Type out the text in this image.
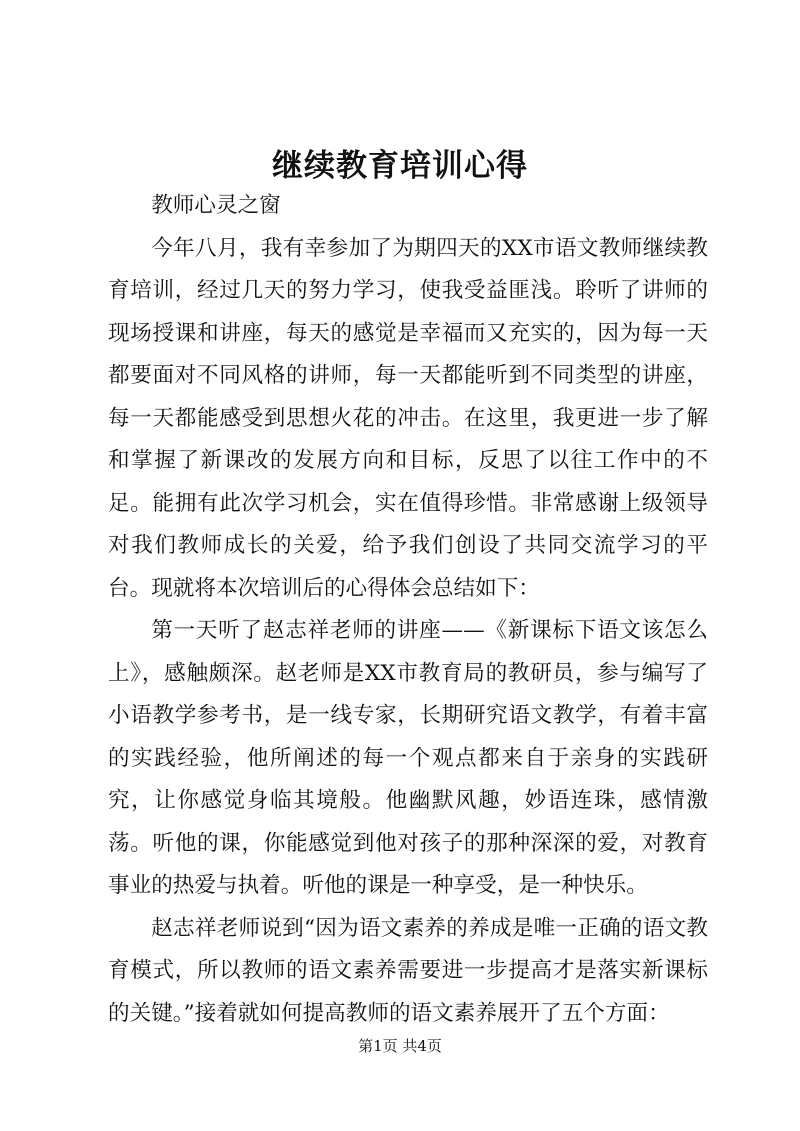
继续教育培训心得

教师心灵之窗

今年八月，我有幸参加了为期四天的XX市语文教师继续教育培训，经过几天的努力学习，使我受益匪浅。聆听了讲师的现场授课和讲座，每天的感觉是幸福而又充实的，因为每一天都要面对不同风格的讲师，每一天都能听到不同类型的讲座，每一天都能感受到思想火花的冲击。在这里，我更进一步了解和掌握了新课改的发展方向和目标，反思了以往工作中的不足。能拥有此次学习机会，实在值得珍惜。非常感谢上级领导对我们教师成长的关爱，给予我们创设了共同交流学习的平台。现就将本次培训后的心得体会总结如下：

第一天听了赵志祥老师的讲座——《新课标下语文该怎么上》，感触颇深。赵老师是XX市教育局的教研员，参与编写了小语教学参考书，是一线专家，长期研究语文教学，有着丰富的实践经验，他所阐述的每一个观点都来自于亲身的实践研究，让你感觉身临其境般。他幽默风趣，妙语连珠，感情激荡。听他的课，你能感觉到他对孩子的那种深深的爱，对教育事业的热爱与执着。听他的课是一种享受，是一种快乐。

赵志祥老师说到“因为语文素养的养成是唯一正确的语文教育模式，所以教师的语文素养需要进一步提高才是落实新课标的关键。”接着就如何提高教师的语文素养展开了五个方面：

第1页 共4页
